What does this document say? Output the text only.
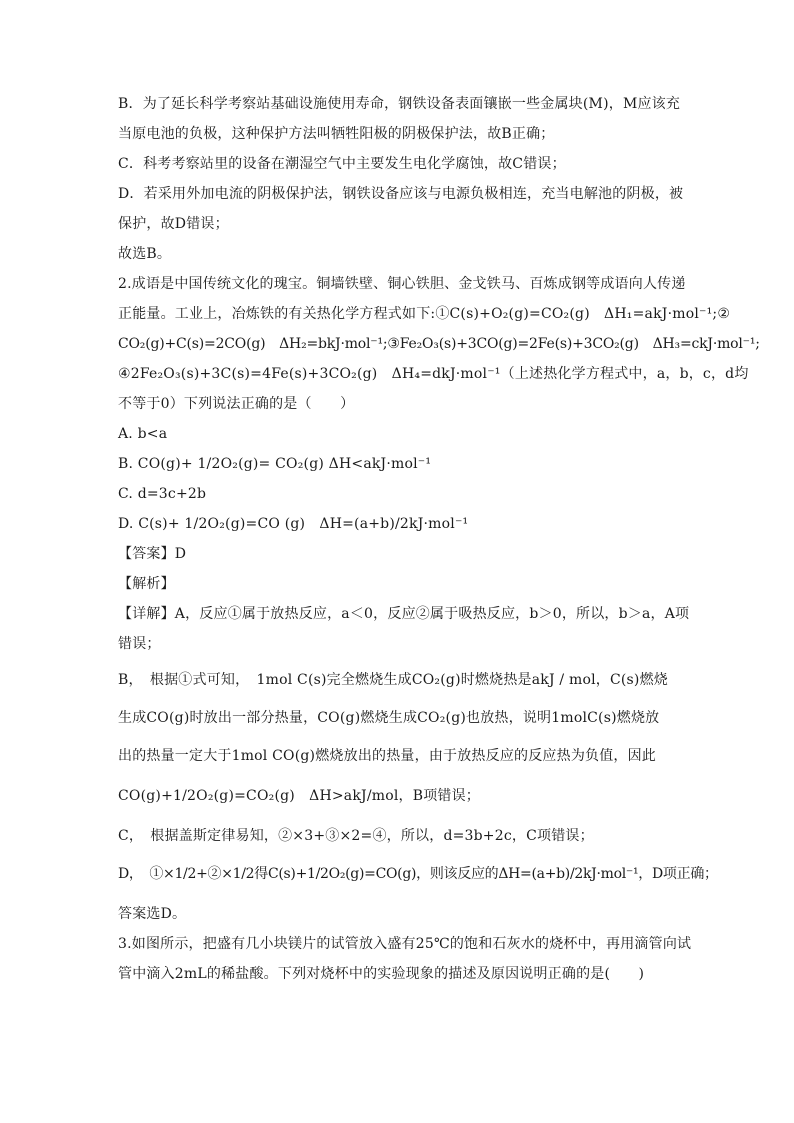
B．为了延长科学考察站基础设施使用寿命，钢铁设备表面镶嵌一些金属块(M)，M应该充
当原电池的负极，这种保护方法叫牺牲阳极的阴极保护法，故B正确；
C．科考考察站里的设备在潮湿空气中主要发生电化学腐蚀，故C错误；
D．若采用外加电流的阴极保护法，钢铁设备应该与电源负极相连，充当电解池的阴极，被
保护，故D错误；
故选B。
2.成语是中国传统文化的瑰宝。铜墙铁壁、铜心铁胆、金戈铁马、百炼成钢等成语向人传递
正能量。工业上，冶炼铁的有关热化学方程式如下:①C(s)+O₂(g)=CO₂(g)　ΔH₁=akJ·mol⁻¹;②
CO₂(g)+C(s)=2CO(g)　ΔH₂=bkJ·mol⁻¹;③Fe₂O₃(s)+3CO(g)=2Fe(s)+3CO₂(g)　ΔH₃=ckJ·mol⁻¹;
④2Fe₂O₃(s)+3C(s)=4Fe(s)+3CO₂(g)　ΔH₄=dkJ·mol⁻¹（上述热化学方程式中，a，b，c，d均
不等于0）下列说法正确的是（　　）
A. b<a
B. CO(g)+ 1/2O₂(g)= CO₂(g) ΔH<akJ·mol⁻¹
C. d=3c+2b
D. C(s)+ 1/2O₂(g)=CO (g)　ΔH=(a+b)/2kJ·mol⁻¹
【答案】D
【解析】
【详解】A，反应①属于放热反应，a＜0，反应②属于吸热反应，b＞0，所以，b＞a，A项
错误；
B，　根据①式可知，　1mol C(s)完全燃烧生成CO₂(g)时燃烧热是akJ / mol，C(s)燃烧
生成CO(g)时放出一部分热量，CO(g)燃烧生成CO₂(g)也放热，说明1molC(s)燃烧放
出的热量一定大于1mol CO(g)燃烧放出的热量，由于放热反应的反应热为负值，因此
CO(g)+1/2O₂(g)=CO₂(g)　ΔH>akJ/mol，B项错误；
C，　根据盖斯定律易知，②×3+③×2=④，所以，d=3b+2c，C项错误；
D，　①×1/2+②×1/2得C(s)+1/2O₂(g)=CO(g)，则该反应的ΔH=(a+b)/2kJ·mol⁻¹，D项正确；
答案选D。
3.如图所示，把盛有几小块镁片的试管放入盛有25℃的饱和石灰水的烧杯中，再用滴管向试
管中滴入2mL的稀盐酸。下列对烧杯中的实验现象的描述及原因说明正确的是(　　)
